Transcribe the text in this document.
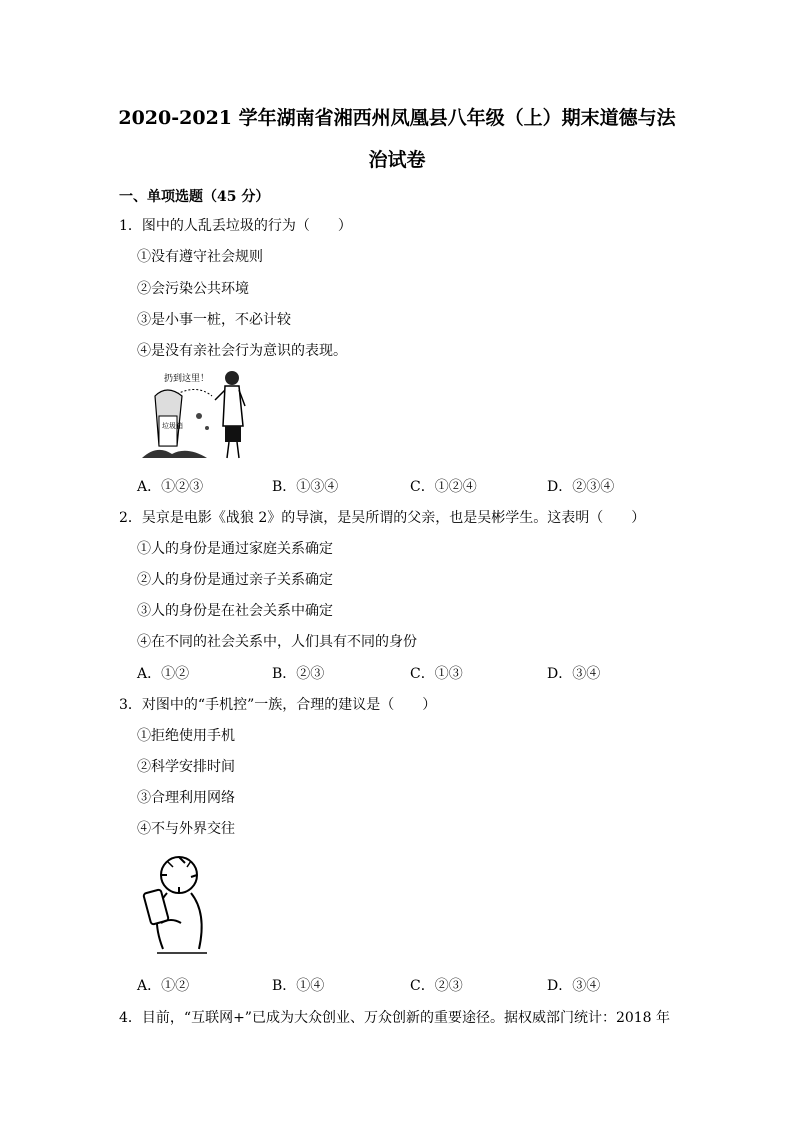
2020-2021 学年湖南省湘西州凤凰县八年级（上）期末道德与法
治试卷
一、单项选题（45 分）
1．图中的人乱丢垃圾的行为（　　）
①没有遵守社会规则
②会污染公共环境
③是小事一桩，不必计较
④是没有亲社会行为意识的表现。
扔到这里！
垃圾箱
A．①②③	B．①③④	C．①②④	D．②③④
2．吴京是电影《战狼 2》的导演，是吴所谓的父亲，也是吴彬学生。这表明（　　）
①人的身份是通过家庭关系确定
②人的身份是通过亲子关系确定
③人的身份是在社会关系中确定
④在不同的社会关系中，人们具有不同的身份
A．①②	B．②③	C．①③	D．③④
3．对图中的“手机控”一族，合理的建议是（　　）
①拒绝使用手机
②科学安排时间
③合理利用网络
④不与外界交往
A．①②	B．①④	C．②③	D．③④
4．目前，“互联网+”已成为大众创业、万众创新的重要途径。据权威部门统计：2018 年
